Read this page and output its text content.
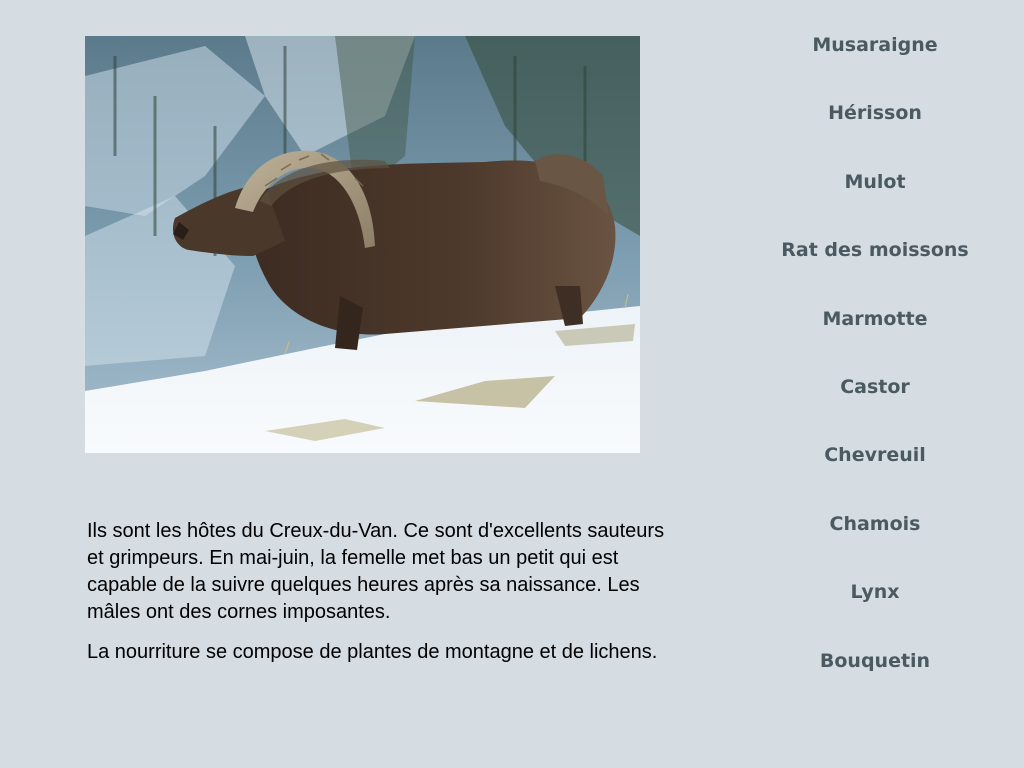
Ils sont les hôtes du Creux-du-Van. Ce sont d'excellents sauteurs et grimpeurs. En mai-juin, la femelle met bas un petit qui est capable de la suivre quelques heures après sa naissance. Les mâles ont des cornes imposantes.

La nourriture se compose de plantes de montagne et de lichens.

Musaraigne
Hérisson
Mulot
Rat des moissons
Marmotte
Castor
Chevreuil
Chamois
Lynx
Bouquetin
